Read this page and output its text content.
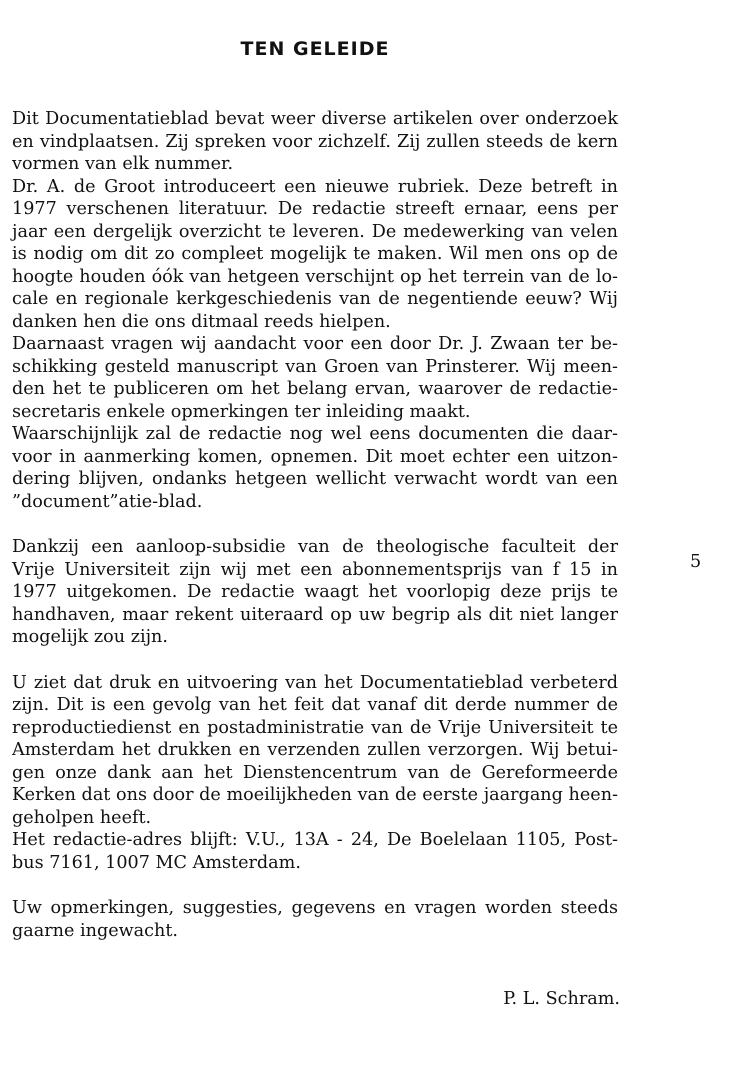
TEN GELEIDE

Dit Documentatieblad bevat weer diverse artikelen over onderzoek
en vindplaatsen. Zij spreken voor zichzelf. Zij zullen steeds de kern
vormen van elk nummer.

Dr. A. de Groot introduceert een nieuwe rubriek. Deze betreft in
1977 verschenen literatuur. De redactie streeft ernaar, eens per
jaar een dergelijk overzicht te leveren. De medewerking van velen
is nodig om dit zo compleet mogelijk te maken. Wil men ons op de
hoogte houden óók van hetgeen verschijnt op het terrein van de lo-
cale en regionale kerkgeschiedenis van de negentiende eeuw? Wij
danken hen die ons ditmaal reeds hielpen.

Daarnaast vragen wij aandacht voor een door Dr. J. Zwaan ter be-
schikking gesteld manuscript van Groen van Prinsterer. Wij meen-
den het te publiceren om het belang ervan, waarover de redactie-
secretaris enkele opmerkingen ter inleiding maakt.

Waarschijnlijk zal de redactie nog wel eens documenten die daar-
voor in aanmerking komen, opnemen. Dit moet echter een uitzon-
dering blijven, ondanks hetgeen wellicht verwacht wordt van een
”document”atie-blad.

Dankzij een aanloop-subsidie van de theologische faculteit der
Vrije Universiteit zijn wij met een abonnementsprijs van f 15 in
1977 uitgekomen. De redactie waagt het voorlopig deze prijs te
handhaven, maar rekent uiteraard op uw begrip als dit niet langer
mogelijk zou zijn.

U ziet dat druk en uitvoering van het Documentatieblad verbeterd
zijn. Dit is een gevolg van het feit dat vanaf dit derde nummer de
reproductiedienst en postadministratie van de Vrije Universiteit te
Amsterdam het drukken en verzenden zullen verzorgen. Wij betui-
gen onze dank aan het Dienstencentrum van de Gereformeerde
Kerken dat ons door de moeilijkheden van de eerste jaargang heen-
geholpen heeft.

Het redactie-adres blijft: V.U., 13A - 24, De Boelelaan 1105, Post-
bus 7161, 1007 MC Amsterdam.

Uw opmerkingen, suggesties, gegevens en vragen worden steeds
gaarne ingewacht.

5
P. L. Schram.
